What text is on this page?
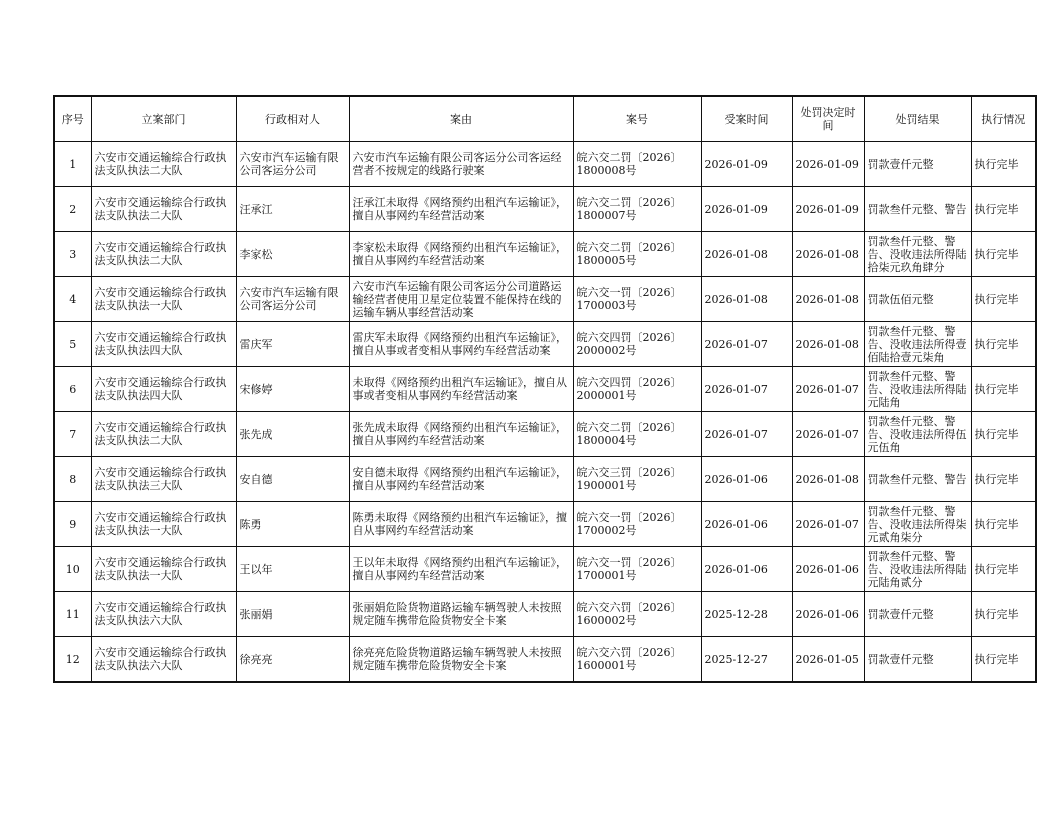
序号	立案部门	行政相对人	案由	案号	受案时间	处罚决定时间	处罚结果	执行情况
1	六安市交通运输综合行政执法支队执法二大队	六安市汽车运输有限公司客运分公司	六安市汽车运输有限公司客运分公司客运经营者不按规定的线路行驶案	皖六交二罚〔2026〕1800008号	2026-01-09	2026-01-09	罚款壹仟元整	执行完毕
2	六安市交通运输综合行政执法支队执法二大队	汪承江	汪承江未取得《网络预约出租汽车运输证》，擅自从事网约车经营活动案	皖六交二罚〔2026〕1800007号	2026-01-09	2026-01-09	罚款叁仟元整、警告	执行完毕
3	六安市交通运输综合行政执法支队执法二大队	李家松	李家松未取得《网络预约出租汽车运输证》，擅自从事网约车经营活动案	皖六交二罚〔2026〕1800005号	2026-01-08	2026-01-08	罚款叁仟元整、警告、没收违法所得陆拾柒元玖角肆分	执行完毕
4	六安市交通运输综合行政执法支队执法一大队	六安市汽车运输有限公司客运分公司	六安市汽车运输有限公司客运分公司道路运输经营者使用卫星定位装置不能保持在线的运输车辆从事经营活动案	皖六交一罚〔2026〕1700003号	2026-01-08	2026-01-08	罚款伍佰元整	执行完毕
5	六安市交通运输综合行政执法支队执法四大队	雷庆军	雷庆军未取得《网络预约出租汽车运输证》，擅自从事或者变相从事网约车经营活动案	皖六交四罚〔2026〕2000002号	2026-01-07	2026-01-08	罚款叁仟元整、警告、没收违法所得壹佰陆拾壹元柒角	执行完毕
6	六安市交通运输综合行政执法支队执法四大队	宋修婷	未取得《网络预约出租汽车运输证》，擅自从事或者变相从事网约车经营活动案	皖六交四罚〔2026〕2000001号	2026-01-07	2026-01-07	罚款叁仟元整、警告、没收违法所得陆元陆角	执行完毕
7	六安市交通运输综合行政执法支队执法二大队	张先成	张先成未取得《网络预约出租汽车运输证》，擅自从事网约车经营活动案	皖六交二罚〔2026〕1800004号	2026-01-07	2026-01-07	罚款叁仟元整、警告、没收违法所得伍元伍角	执行完毕
8	六安市交通运输综合行政执法支队执法三大队	安自德	安自德未取得《网络预约出租汽车运输证》，擅自从事网约车经营活动案	皖六交三罚〔2026〕1900001号	2026-01-06	2026-01-08	罚款叁仟元整、警告	执行完毕
9	六安市交通运输综合行政执法支队执法一大队	陈勇	陈勇未取得《网络预约出租汽车运输证》，擅自从事网约车经营活动案	皖六交一罚〔2026〕1700002号	2026-01-06	2026-01-07	罚款叁仟元整、警告、没收违法所得柒元贰角柒分	执行完毕
10	六安市交通运输综合行政执法支队执法一大队	王以年	王以年未取得《网络预约出租汽车运输证》，擅自从事网约车经营活动案	皖六交一罚〔2026〕1700001号	2026-01-06	2026-01-06	罚款叁仟元整、警告、没收违法所得陆元陆角贰分	执行完毕
11	六安市交通运输综合行政执法支队执法六大队	张丽娟	张丽娟危险货物道路运输车辆驾驶人未按照规定随车携带危险货物安全卡案	皖六交六罚〔2026〕1600002号	2025-12-28	2026-01-06	罚款壹仟元整	执行完毕
12	六安市交通运输综合行政执法支队执法六大队	徐亮亮	徐亮亮危险货物道路运输车辆驾驶人未按照规定随车携带危险货物安全卡案	皖六交六罚〔2026〕1600001号	2025-12-27	2026-01-05	罚款壹仟元整	执行完毕
